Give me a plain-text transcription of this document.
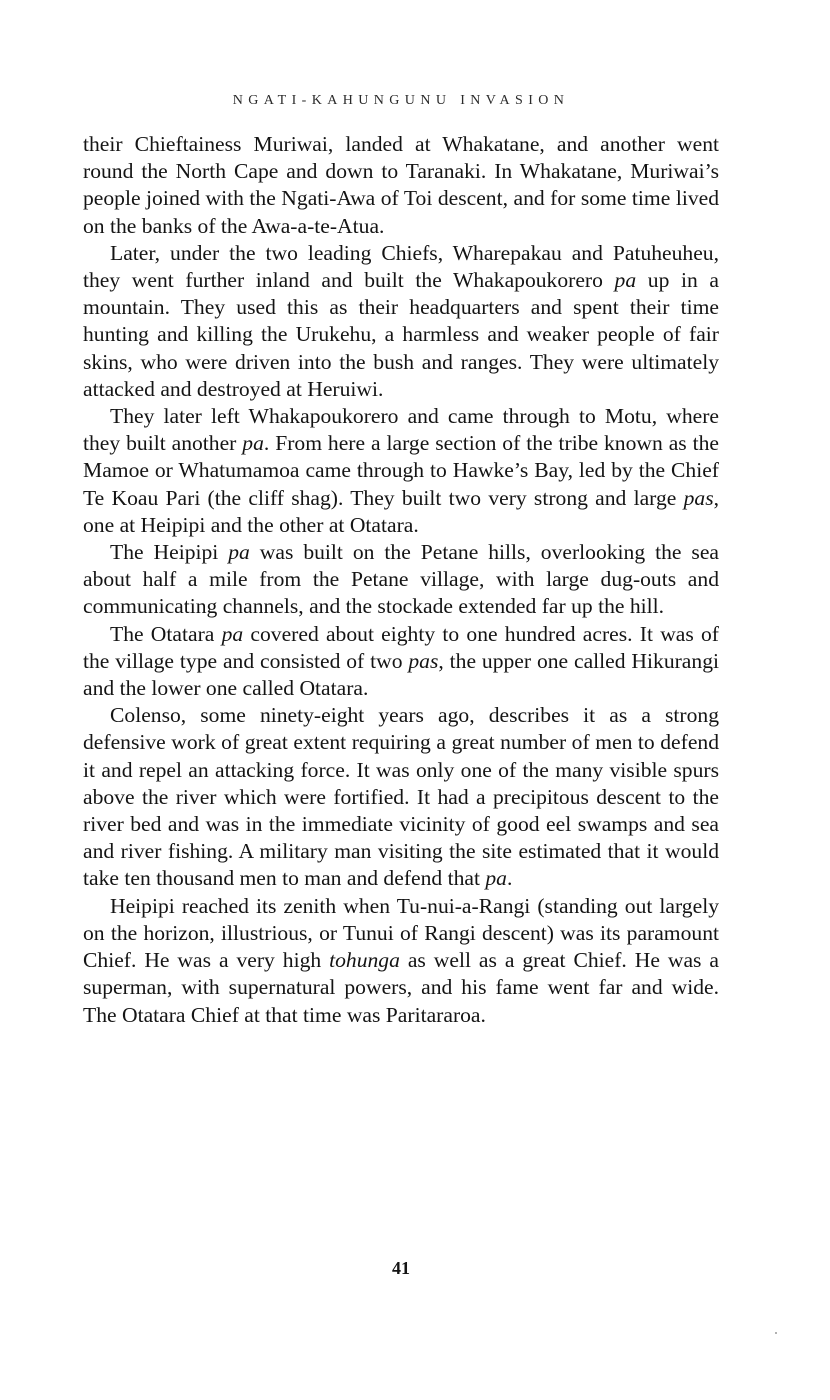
NGATI-KAHUNGUNU INVASION

their Chieftainess Muriwai, landed at Whakatane, and another went round the North Cape and down to Taranaki. In Whakatane, Muriwai’s people joined with the Ngati-Awa of Toi descent, and for some time lived on the banks of the Awa-a-te-Atua.

Later, under the two leading Chiefs, Wharepakau and Patuheuheu, they went further inland and built the Whakapoukorero pa up in a mountain. They used this as their headquarters and spent their time hunting and killing the Urukehu, a harmless and weaker people of fair skins, who were driven into the bush and ranges. They were ultimately attacked and destroyed at Heruiwi.

They later left Whakapoukorero and came through to Motu, where they built another pa. From here a large section of the tribe known as the Mamoe or Whatumamoa came through to Hawke’s Bay, led by the Chief Te Koau Pari (the cliff shag). They built two very strong and large pas, one at Heipipi and the other at Otatara.

The Heipipi pa was built on the Petane hills, overlooking the sea about half a mile from the Petane village, with large dug-outs and communicating channels, and the stockade extended far up the hill.

The Otatara pa covered about eighty to one hundred acres. It was of the village type and consisted of two pas, the upper one called Hikurangi and the lower one called Otatara.

Colenso, some ninety-eight years ago, describes it as a strong defensive work of great extent requiring a great number of men to defend it and repel an attacking force. It was only one of the many visible spurs above the river which were fortified. It had a precipitous descent to the river bed and was in the immediate vicinity of good eel swamps and sea and river fishing. A military man visiting the site estimated that it would take ten thousand men to man and defend that pa.

Heipipi reached its zenith when Tu-nui-a-Rangi (standing out largely on the horizon, illustrious, or Tunui of Rangi descent) was its paramount Chief. He was a very high tohunga as well as a great Chief. He was a superman, with supernatural powers, and his fame went far and wide. The Otatara Chief at that time was Paritararoa.

41
